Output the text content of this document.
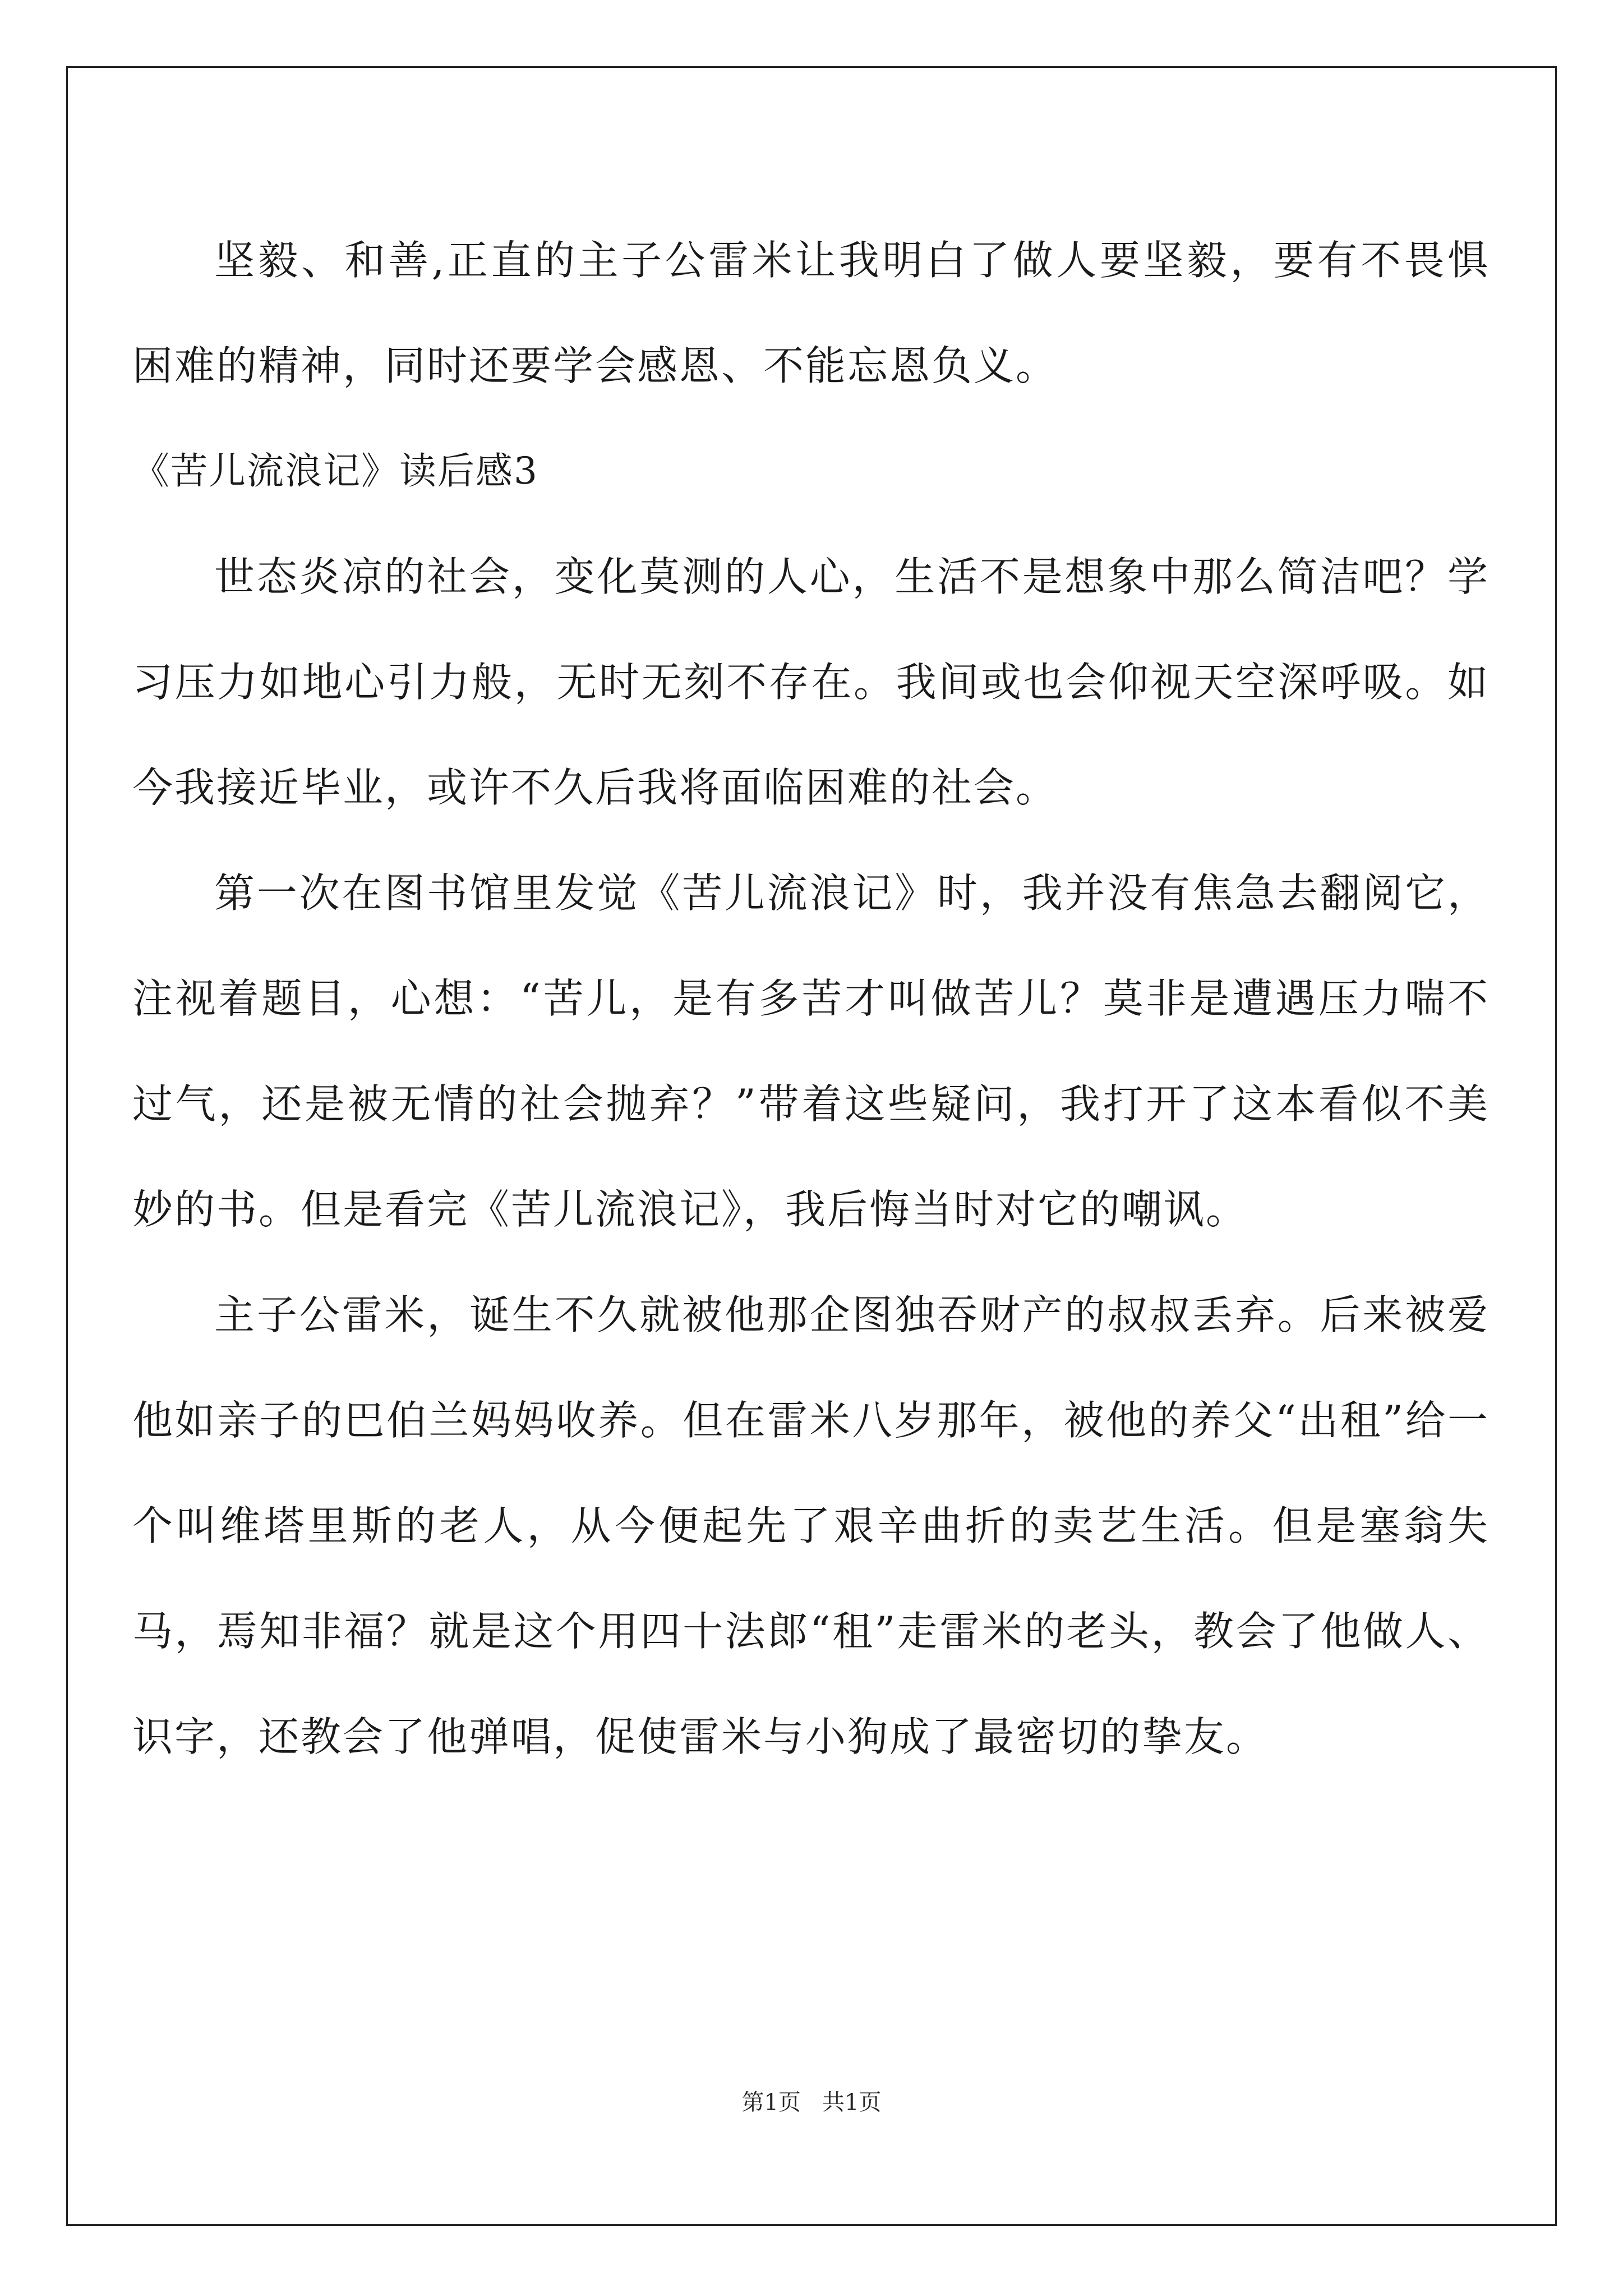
坚毅、和善,正直的主子公雷米让我明白了做人要坚毅，要有不畏惧困难的精神，同时还要学会感恩、不能忘恩负义。

《苦儿流浪记》读后感3

世态炎凉的社会，变化莫测的人心，生活不是想象中那么简洁吧？学习压力如地心引力般，无时无刻不存在。我间或也会仰视天空深呼吸。如今我接近毕业，或许不久后我将面临困难的社会。

第一次在图书馆里发觉《苦儿流浪记》时，我并没有焦急去翻阅它，注视着题目，心想：“苦儿，是有多苦才叫做苦儿？莫非是遭遇压力喘不过气，还是被无情的社会抛弃？”带着这些疑问，我打开了这本看似不美妙的书。但是看完《苦儿流浪记》，我后悔当时对它的嘲讽。

主子公雷米，诞生不久就被他那企图独吞财产的叔叔丢弃。后来被爱他如亲子的巴伯兰妈妈收养。但在雷米八岁那年，被他的养父“出租”给一个叫维塔里斯的老人，从今便起先了艰辛曲折的卖艺生活。但是塞翁失马，焉知非福？就是这个用四十法郎“租”走雷米的老头，教会了他做人、识字，还教会了他弹唱，促使雷米与小狗成了最密切的挚友。

第1页   共1页
